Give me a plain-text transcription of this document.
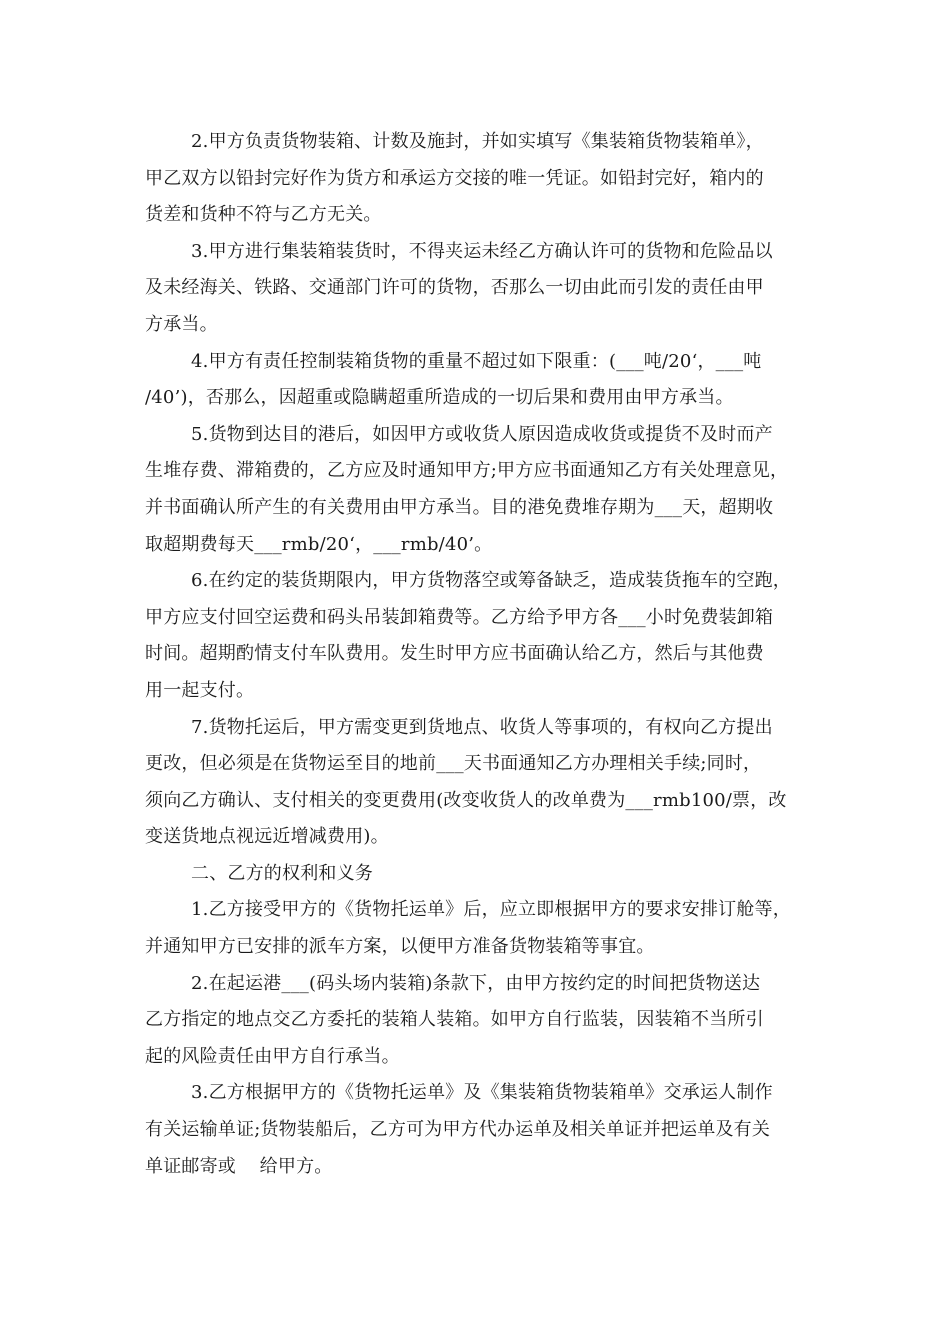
2.甲方负责货物装箱、计数及施封，并如实填写《集装箱货物装箱单》，
甲乙双方以铅封完好作为货方和承运方交接的唯一凭证。如铅封完好，箱内的
货差和货种不符与乙方无关。

3.甲方进行集装箱装货时，不得夹运未经乙方确认许可的货物和危险品以
及未经海关、铁路、交通部门许可的货物，否那么一切由此而引发的责任由甲
方承当。

4.甲方有责任控制装箱货物的重量不超过如下限重：(___吨/20‘，___吨
/40’)，否那么，因超重或隐瞒超重所造成的一切后果和费用由甲方承当。

5.货物到达目的港后，如因甲方或收货人原因造成收货或提货不及时而产
生堆存费、滞箱费的，乙方应及时通知甲方;甲方应书面通知乙方有关处理意见，
并书面确认所产生的有关费用由甲方承当。目的港免费堆存期为___天，超期收
取超期费每天___rmb/20‘，___rmb/40’。

6.在约定的装货期限内，甲方货物落空或筹备缺乏，造成装货拖车的空跑，
甲方应支付回空运费和码头吊装卸箱费等。乙方给予甲方各___小时免费装卸箱
时间。超期酌情支付车队费用。发生时甲方应书面确认给乙方，然后与其他费
用一起支付。

7.货物托运后，甲方需变更到货地点、收货人等事项的，有权向乙方提出
更改，但必须是在货物运至目的地前___天书面通知乙方办理相关手续;同时，
须向乙方确认、支付相关的变更费用(改变收货人的改单费为___rmb100/票，改
变送货地点视远近增减费用)。

二、乙方的权利和义务

1.乙方接受甲方的《货物托运单》后，应立即根据甲方的要求安排订舱等，
并通知甲方已安排的派车方案，以便甲方准备货物装箱等事宜。

2.在起运港___(码头场内装箱)条款下，由甲方按约定的时间把货物送达
乙方指定的地点交乙方委托的装箱人装箱。如甲方自行监装，因装箱不当所引
起的风险责任由甲方自行承当。

3.乙方根据甲方的《货物托运单》及《集装箱货物装箱单》交承运人制作
有关运输单证;货物装船后，乙方可为甲方代办运单及相关单证并把运单及有关
单证邮寄或    给甲方。
